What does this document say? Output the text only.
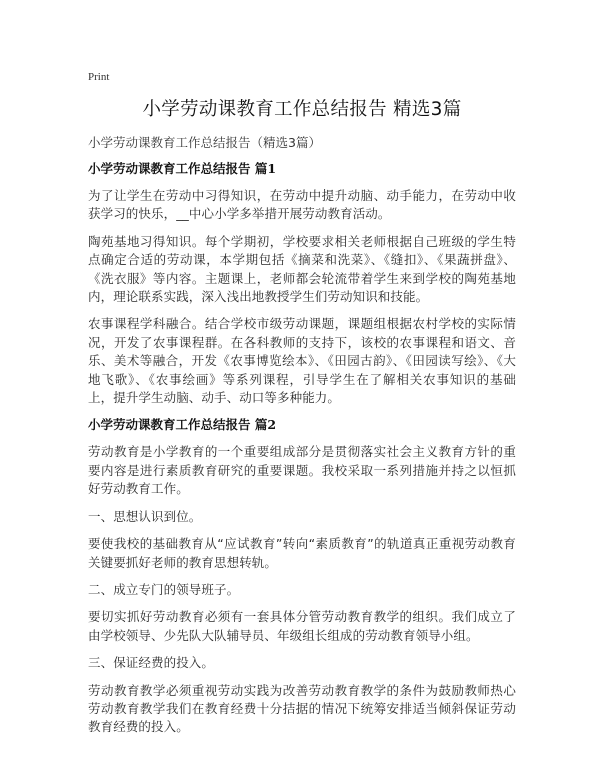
Print
小学劳动课教育工作总结报告 精选3篇
小学劳动课教育工作总结报告（精选3篇）
小学劳动课教育工作总结报告 篇1

为了让学生在劳动中习得知识，在劳动中提升动脑、动手能力，在劳动中收获学习的快乐，__中心小学多举措开展劳动教育活动。

陶苑基地习得知识。每个学期初，学校要求相关老师根据自己班级的学生特点确定合适的劳动课，本学期包括《摘菜和洗菜》、《缝扣》、《果蔬拼盘》、《洗衣服》等内容。主题课上，老师都会轮流带着学生来到学校的陶苑基地内，理论联系实践，深入浅出地教授学生们劳动知识和技能。

农事课程学科融合。结合学校市级劳动课题，课题组根据农村学校的实际情况，开发了农事课程群。在各科教师的支持下，该校的农事课程和语文、音乐、美术等融合，开发《农事博览绘本》、《田园古韵》、《田园读写绘》、《大地飞歌》、《农事绘画》等系列课程，引导学生在了解相关农事知识的基础上，提升学生动脑、动手、动口等多种能力。

小学劳动课教育工作总结报告 篇2

劳动教育是小学教育的一个重要组成部分是贯彻落实社会主义教育方针的重要内容是进行素质教育研究的重要课题。我校采取一系列措施并持之以恒抓好劳动教育工作。

一、思想认识到位。

要使我校的基础教育从“应试教育”转向“素质教育”的轨道真正重视劳动教育关键要抓好老师的教育思想转轨。

二、成立专门的领导班子。

要切实抓好劳动教育必须有一套具体分管劳动教育教学的组织。我们成立了由学校领导、少先队大队辅导员、年级组长组成的劳动教育领导小组。

三、保证经费的投入。

劳动教育教学必须重视劳动实践为改善劳动教育教学的条件为鼓励教师热心劳动教育教学我们在教育经费十分拮据的情况下统筹安排适当倾斜保证劳动教育经费的投入。
